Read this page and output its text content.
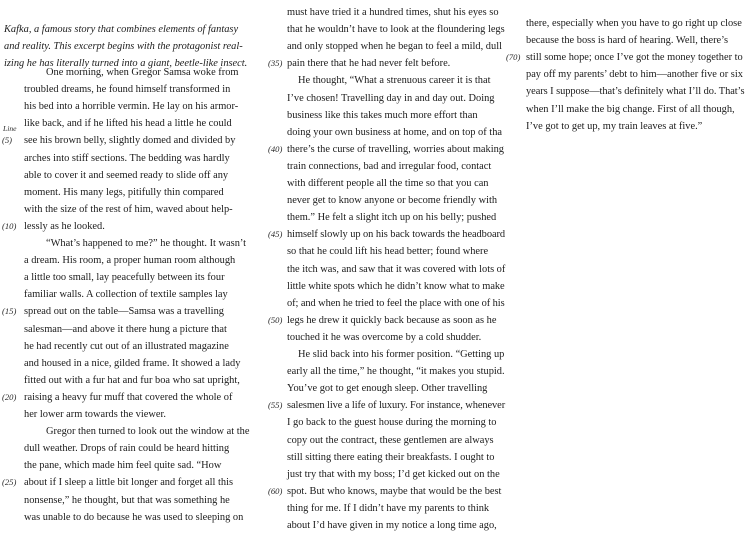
Kafka, a famous story that combines elements of fantasy
and reality. This excerpt begins with the protagonist real-
izing he has literally turned into a giant, beetle-like insect.
One morning, when Gregor Samsa woke from
troubled dreams, he found himself transformed in
his bed into a horrible vermin. He lay on his armor-
like back, and if he lifted his head a little he could
see his brown belly, slightly domed and divided by
arches into stiff sections. The bedding was hardly
able to cover it and seemed ready to slide off any
moment. His many legs, pitifully thin compared
with the size of the rest of him, waved about help-
lessly as he looked.
“What’s happened to me?” he thought. It wasn’t
a dream. His room, a proper human room although
a little too small, lay peacefully between its four
familiar walls. A collection of textile samples lay
spread out on the table—Samsa was a travelling
salesman—and above it there hung a picture that
he had recently cut out of an illustrated magazine
and housed in a nice, gilded frame. It showed a lady
fitted out with a fur hat and fur boa who sat upright,
raising a heavy fur muff that covered the whole of
her lower arm towards the viewer.
Gregor then turned to look out the window at the
dull weather. Drops of rain could be heard hitting
the pane, which made him feel quite sad. “How
about if I sleep a little bit longer and forget all this
nonsense,” he thought, but that was something he
was unable to do because he was used to sleeping on
must have tried it a hundred times, shut his eyes so
that he wouldn’t have to look at the floundering legs
and only stopped when he began to feel a mild, dull
pain there that he had never felt before.
He thought, “What a strenuous career it is that
I’ve chosen! Travelling day in and day out. Doing
business like this takes much more effort than
doing your own business at home, and on top of tha
there’s the curse of travelling, worries about making
train connections, bad and irregular food, contact
with different people all the time so that you can
never get to know anyone or become friendly with
them.” He felt a slight itch up on his belly; pushed
himself slowly up on his back towards the headboard
so that he could lift his head better; found where
the itch was, and saw that it was covered with lots of
little white spots which he didn’t know what to make
of; and when he tried to feel the place with one of his
legs he drew it quickly back because as soon as he
touched it he was overcome by a cold shudder.
He slid back into his former position. “Getting up
early all the time,” he thought, “it makes you stupid.
You’ve got to get enough sleep. Other travelling
salesmen live a life of luxury. For instance, whenever
I go back to the guest house during the morning to
copy out the contract, these gentlemen are always
still sitting there eating their breakfasts. I ought to
just try that with my boss; I’d get kicked out on the
spot. But who knows, maybe that would be the best
thing for me. If I didn’t have my parents to think
about I’d have given in my notice a long time ago,
there, especially when you have to go right up close
because the boss is hard of hearing. Well, there’s
still some hope; once I’ve got the money together to
pay off my parents’ debt to him—another five or six
years I suppose—that’s definitely what I’ll do. That’s
when I’ll make the big change. First of all though,
I’ve got to get up, my train leaves at five.”
(5)
(10)
(15)
(20)
(25)
(35)
(40)
(45)
(50)
(55)
(60)
(70)
Line
